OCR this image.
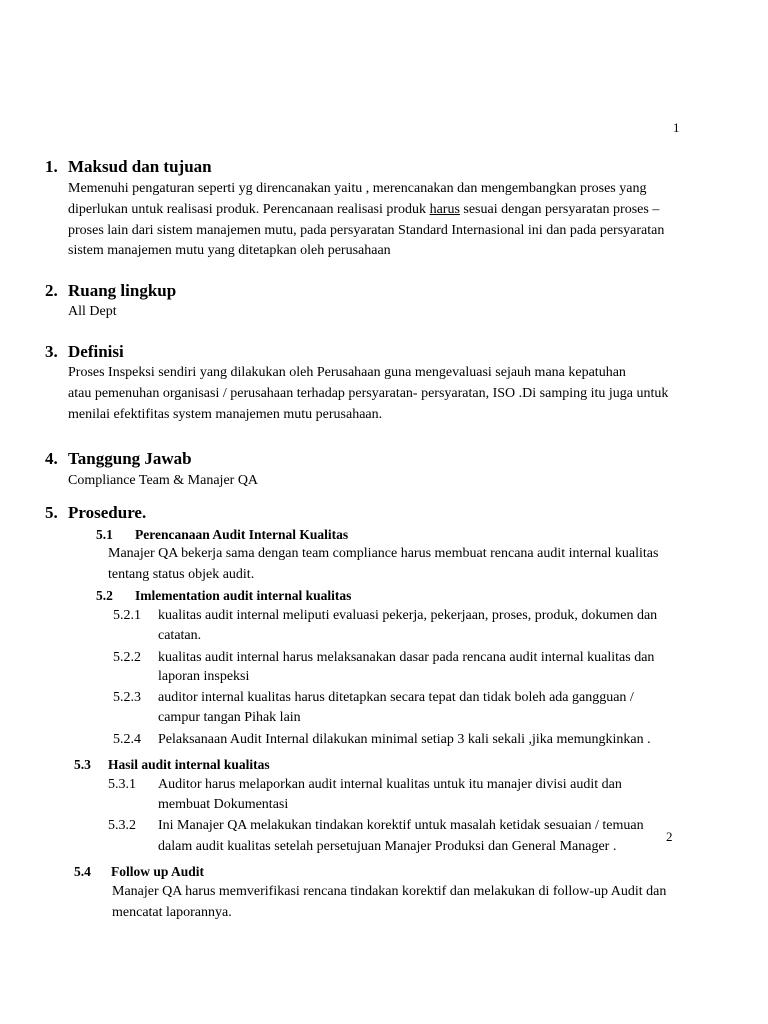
1
1. Maksud dan tujuan
Memenuhi pengaturan seperti yg direncanakan yaitu , merencanakan dan mengembangkan proses yang
diperlukan untuk realisasi produk. Perencanaan realisasi produk harus sesuai dengan persyaratan proses –
proses lain dari sistem manajemen mutu, pada persyaratan Standard Internasional ini dan pada persyaratan
sistem manajemen mutu yang ditetapkan oleh perusahaan
2. Ruang lingkup
All Dept
3. Definisi
Proses Inspeksi sendiri yang dilakukan oleh Perusahaan guna mengevaluasi sejauh mana kepatuhan
atau pemenuhan organisasi / perusahaan terhadap persyaratan- persyaratan, ISO .Di samping itu juga untuk
menilai efektifitas system manajemen mutu perusahaan.
4. Tanggung Jawab
Compliance Team & Manajer QA
5. Prosedure.
5.1 Perencanaan Audit Internal Kualitas
Manajer QA bekerja sama dengan team compliance harus membuat rencana audit internal kualitas
tentang status objek audit.
5.2 Imlementation audit internal kualitas
5.2.1 kualitas audit internal meliputi evaluasi pekerja, pekerjaan, proses, produk, dokumen dan
catatan.
5.2.2 kualitas audit internal harus melaksanakan dasar pada rencana audit internal kualitas dan
laporan inspeksi
5.2.3 auditor internal kualitas harus ditetapkan secara tepat dan tidak boleh ada gangguan /
campur tangan Pihak lain
5.2.4 Pelaksanaan Audit Internal dilakukan minimal setiap 3 kali sekali ,jika memungkinkan .
5.3 Hasil audit internal kualitas
5.3.1 Auditor harus melaporkan audit internal kualitas untuk itu manajer divisi audit dan
membuat Dokumentasi
5.3.2 Ini Manajer QA melakukan tindakan korektif untuk masalah ketidak sesuaian / temuan
dalam audit kualitas setelah persetujuan Manajer Produksi dan General Manager .
2
5.4 Follow up Audit
Manajer QA harus memverifikasi rencana tindakan korektif dan melakukan di follow-up Audit dan
mencatat laporannya.
